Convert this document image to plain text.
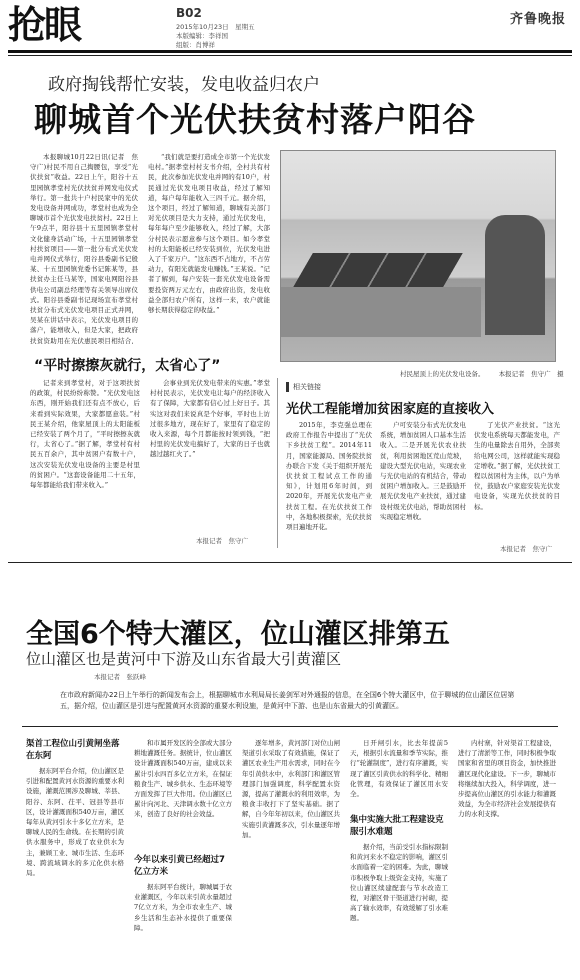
抢眼	B02
2015年10月23日　星期五
本版编辑：李祥国
组版：肖博祥
齐鲁晚报
政府掏钱帮忙安装，发电收益归农户
聊城首个光伏扶贫村落户阳谷

本报聊城10月22日讯(记者　焦守广)村民不用自己掏腰包，享受“光伏扶贫”收益。22日上午，阳谷十五里园镇孝堂村光伏扶贫并网发电仪式举行。第一批共十户村民家中的光伏发电设备并网成功，孝堂村也成为全聊城市首个光伏发电扶贫村。22日上午9点半，阳谷县十五里园镇孝堂村文化健身活动广场，十五里园镇孝堂村扶贫项目——第一批分布式光伏发电并网仪式举行，阳谷县委副书记殷某、十五里园镇党委书记陈某等，县扶贫办主任马某等，国家电网阳谷县供电公司副总经理等有关领导出席仪式。阳谷县委副书记现场宣布孝堂村扶贫分布式光伏发电项目正式并网，吴某在讲话中表示，光伏发电项目的落户，能增收入，但是大家，把政府扶贫资助用在光伏惠民项目相结合，

“我们就是要打造成全市第一个光伏发电村。”据孝堂村村支书介绍，全村共有村民，此次参加光伏发电并网的有10户，村民通过光伏发电项目收益，经过了解知道，每户每年能收入三四千元。据介绍，这个项目，经过了解知道，聊城有关部门对光伏项目是大力支持，通过光伏发电，每年每户至少能够收入，经过了解，大部分村民表示愿意参与这个项目。如今孝堂村的太阳能板已经安装到位，光伏发电进入了千家万户。“这东西不占地方，不占劳动力，有阳光就能发电赚钱。”王某说。“记者了解到，每户安装一套光伏发电设备需要投资两万元左右，由政府出资，发电收益全部归农户所有，这样一来，农户就能够长期获得稳定的收益。”

村民屋顶上的光伏发电设备。 本报记者　焦守广　摄
“平时擦擦灰就行，太省心了”

记者来到孝堂村，对于这项扶贫的政策，村民纷纷称赞。“光伏发电这东西，刚开始我们还有点不放心，后来看到实际效果，大家都愿意装。”村民王某介绍，他家屋顶上的太阳能板已经安装了两个月了，“平时擦擦灰就行，太省心了。”据了解，孝堂村有村民五百余户，其中贫困户有数十户，这次安装光伏发电设备的主要是村里的贫困户。“这套设备能用二十五年，每年都能给我们带来收入。”

会事业到光伏发电带来的实惠。”孝堂村村民表示，光伏发电让每户的经济收入有了保障，大家都有信心过上好日子。其实这对我们来说真是个好事，平时也上访过很多地方，现在好了，家里有了稳定的收入来源，每个月都能按时领到钱，“把村里的光伏发电搞好了，大家的日子也就越过越红火了。”

本报记者　焦守广
相关链接
光伏工程能增加贫困家庭的直接收入

2015年，李克强总理在政府工作报告中提出了“光伏下乡扶贫工程”。2014年11月，国家能源局、国务院扶贫办联合下发《关于组织开展光伏扶贫工程试点工作的通知》，计划用6年时间，到2020年，开展光伏发电产业扶贫工程。在光伏扶贫工作中，各地积极探索，光伏扶贫项目遍地开花。

户可安装分布式光伏发电系统，增加贫困人口基本生活收入。二是开展光伏农业扶贫，利用贫困地区荒山荒坡，建设大型光伏电站，实现农业与光伏电站的有机结合，带动贫困户增加收入。三是鼓励开展光伏发电产业扶贫，通过建设村级光伏电站，帮助贫困村实现稳定增收。

了光伏产业扶贫。“这光伏发电系统每天都能发电，产生的电量除去自用外，全部卖给电网公司，这样就能实现稳定增收。”据了解，光伏扶贫工程以贫困村为主体，以户为单位，鼓励农户家庭安装光伏发电设备，实现光伏扶贫的目标。

本报记者　焦守广
全国6个特大灌区，位山灌区排第五
位山灌区也是黄河中下游及山东省最大引黄灌区
本报记者　张跃峰
在市政府新闻办22日上午举行的新闻发布会上，根据聊城市水利局局长姜剑军对外通报的信息，在全国6个特大灌区中，位于聊城的位山灌区位居第五，据介绍，位山灌区是引进与配置黄河水资源的重要水利设施，是黄河中下游、也是山东省最大的引黄灌区。
渠首工程位山引黄闸坐落在东阿

据东阿平台介绍，位山灌区是引进和配置黄河水资源的重要水利设施，灌溉范围涉及聊城、莘县、阳谷、东阿、茌平、冠县等县市区，设计灌溉面积540万亩，灌区每年从黄河引水十多亿立方米，是聊城人民的生命线。在长期的引黄供水服务中，形成了农业供水为主，兼顾工业、城市生活、生态环境、跨流域调水的多元化供水格局。

和市属开发区的全部或大部分耕地灌溉任务。据统计，位山灌区设计灌溉面积540万亩，建成以来累计引水四百多亿立方米，在保证粮食生产、城乡供水、生态环境等方面发挥了巨大作用。位山灌区已累计向河北、天津调水数十亿立方米，创造了良好的社会效益。

今年以来引黄已经超过7亿立方米

据东阿平台统计，聊城属于农业灌溉区，今年以来引黄水量超过7亿立方米，为全市农业生产、城乡生活和生态补水提供了重要保障。

逐年增多，黄河部门对位山闸渠道引水采取了有效措施，保证了灌区农业生产用水需求，同时在今年引黄供水中，水利部门和灌区管理部门加强调度，科学配置水资源，提高了灌溉水的利用效率，为粮食丰收打下了坚实基础。据了解，自今年年初以来，位山灌区共实施引黄灌溉多次，引水量逐年增加。

日开闸引水，比去年提前5天，根据引水流量和季节实际，推行“轮灌制度”，进行有序灌溉，实现了灌区引黄供水的科学化、精细化管理，有效保证了灌区用水安全。

集中实施大批工程建设克服引水难题

据介绍，当前受引水指标限制和黄河来水不稳定的影响，灌区引水面临着一定的困难。为此，聊城市积极争取上级资金支持，实施了位山灌区续建配套与节水改造工程，对灌区骨干渠道进行衬砌，提高了输水效率，有效缓解了引水难题。

内村寨，针对渠首工程建设，进行了清淤等工作，同时积极争取国家和省里的项目资金，加快推进灌区现代化建设。下一步，聊城市将继续加大投入，科学调度，进一步提高位山灌区的引水能力和灌溉效益，为全市经济社会发展提供有力的水利支撑。
